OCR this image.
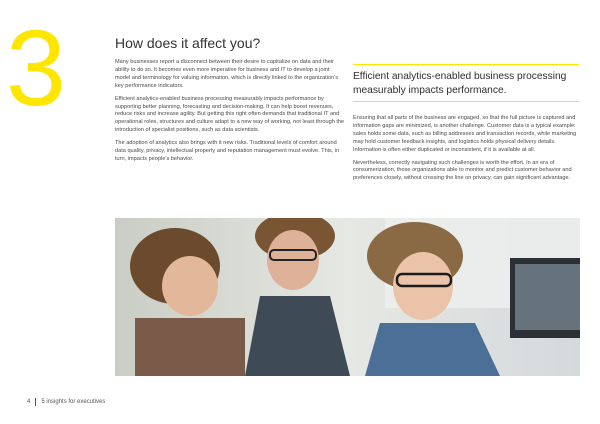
3	How does it affect you?

Many businesses report a disconnect between their desire to capitalize on data and their ability to do so. It becomes even more imperative for business and IT to develop a joint model and terminology for valuing information, which is directly linked to the organization's key performance indicators.

Efficient analytics-enabled business processing measurably impacts performance by supporting better planning, forecasting and decision-making. It can help boost revenues, reduce risks and increase agility. But getting this right often demands that traditional IT and operational roles, structures and culture adapt to a new way of working, not least through the introduction of specialist positions, such as data scientists.

The adoption of analytics also brings with it new risks. Traditional levels of comfort around data quality, privacy, intellectual property and reputation management must evolve. This, in turn, impacts people's behavior.

Efficient analytics-enabled business processing measurably impacts performance.

Ensuring that all parts of the business are engaged, so that the full picture is captured and information gaps are minimized, is another challenge. Customer data is a typical example: sales holds some data, such as billing addresses and transaction records, while marketing may hold customer feedback insights, and logistics holds physical delivery details. Information is often either duplicated or inconsistent, if it is available at all.

Nevertheless, correctly navigating such challenges is worth the effort. In an era of consumerization, those organizations able to monitor and predict customer behavior and preferences closely, without crossing the line on privacy, can gain significant advantage.

4 5 insights for executives
